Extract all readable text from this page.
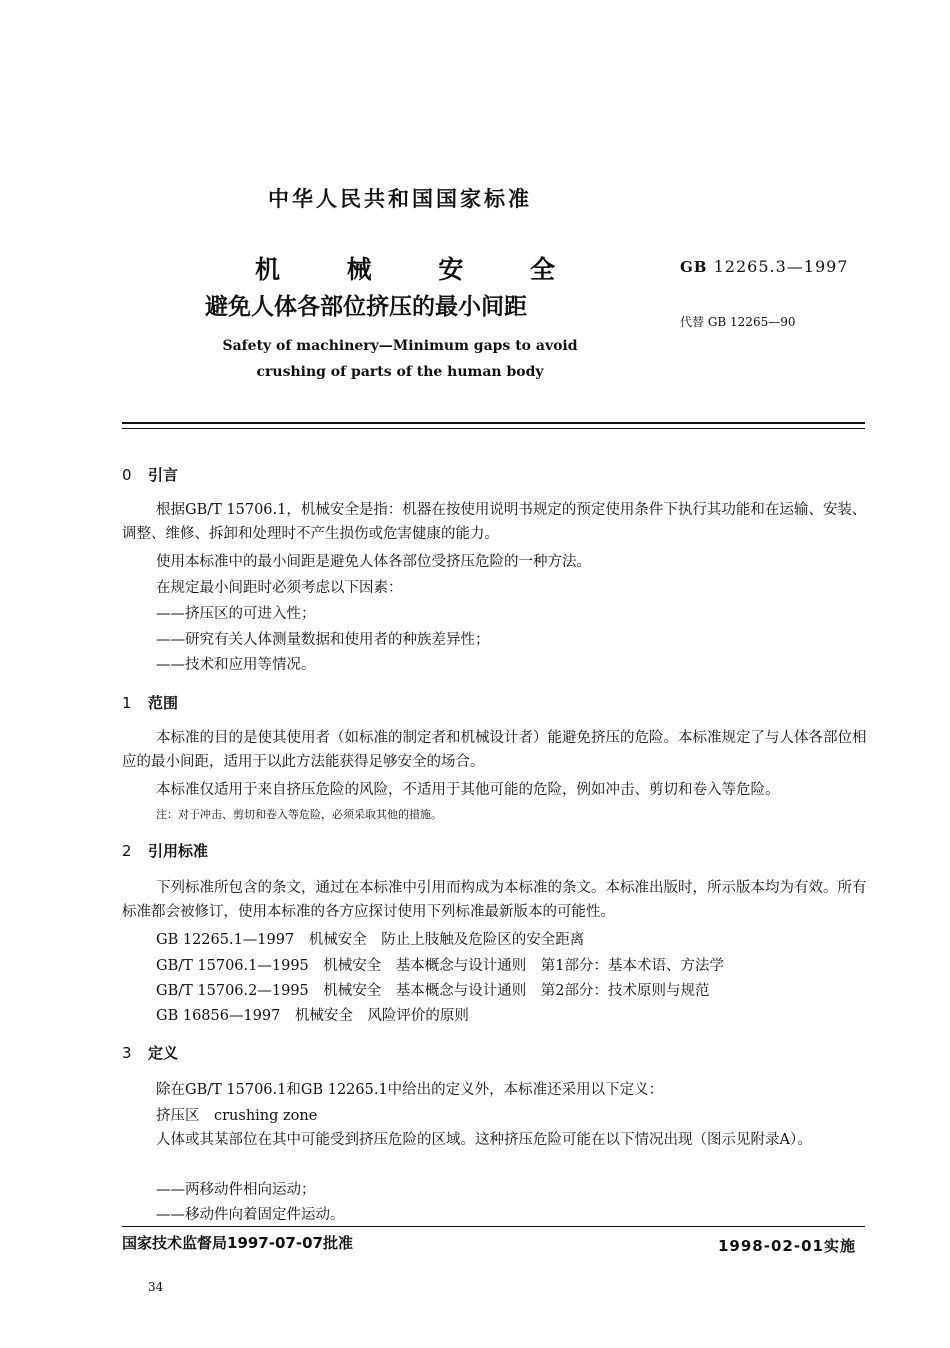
中华人民共和国国家标准
机	械	安	全
避免人体各部位挤压的最小间距
GB 12265.3—1997
代替 GB 12265—90
Safety of machinery—Minimum gaps to avoid
crushing of parts of the human body
0 引言
根据GB/T 15706.1，机械安全是指：机器在按使用说明书规定的预定使用条件下执行其功能和在运输、安装、调整、维修、拆卸和处理时不产生损伤或危害健康的能力。
使用本标准中的最小间距是避免人体各部位受挤压危险的一种方法。
在规定最小间距时必须考虑以下因素：
——挤压区的可进入性；
——研究有关人体测量数据和使用者的种族差异性；
——技术和应用等情况。
1 范围
本标准的目的是使其使用者（如标准的制定者和机械设计者）能避免挤压的危险。本标准规定了与人体各部位相应的最小间距，适用于以此方法能获得足够安全的场合。
本标准仅适用于来自挤压危险的风险，不适用于其他可能的危险，例如冲击、剪切和卷入等危险。
注：对于冲击、剪切和卷入等危险，必须采取其他的措施。
2 引用标准
下列标准所包含的条文，通过在本标准中引用而构成为本标准的条文。本标准出版时，所示版本均为有效。所有标准都会被修订，使用本标准的各方应探讨使用下列标准最新版本的可能性。
GB 12265.1—1997　机械安全　防止上肢触及危险区的安全距离
GB/T 15706.1—1995　机械安全　基本概念与设计通则　第1部分：基本术语、方法学
GB/T 15706.2—1995　机械安全　基本概念与设计通则　第2部分：技术原则与规范
GB 16856—1997　机械安全　风险评价的原则
3 定义
除在GB/T 15706.1和GB 12265.1中给出的定义外，本标准还采用以下定义：
挤压区　crushing zone
人体或其某部位在其中可能受到挤压危险的区域。这种挤压危险可能在以下情况出现（图示见附录A）。
——两移动件相向运动；
——移动件向着固定件运动。
国家技术监督局1997-07-07批准	1998-02-01实施
34
